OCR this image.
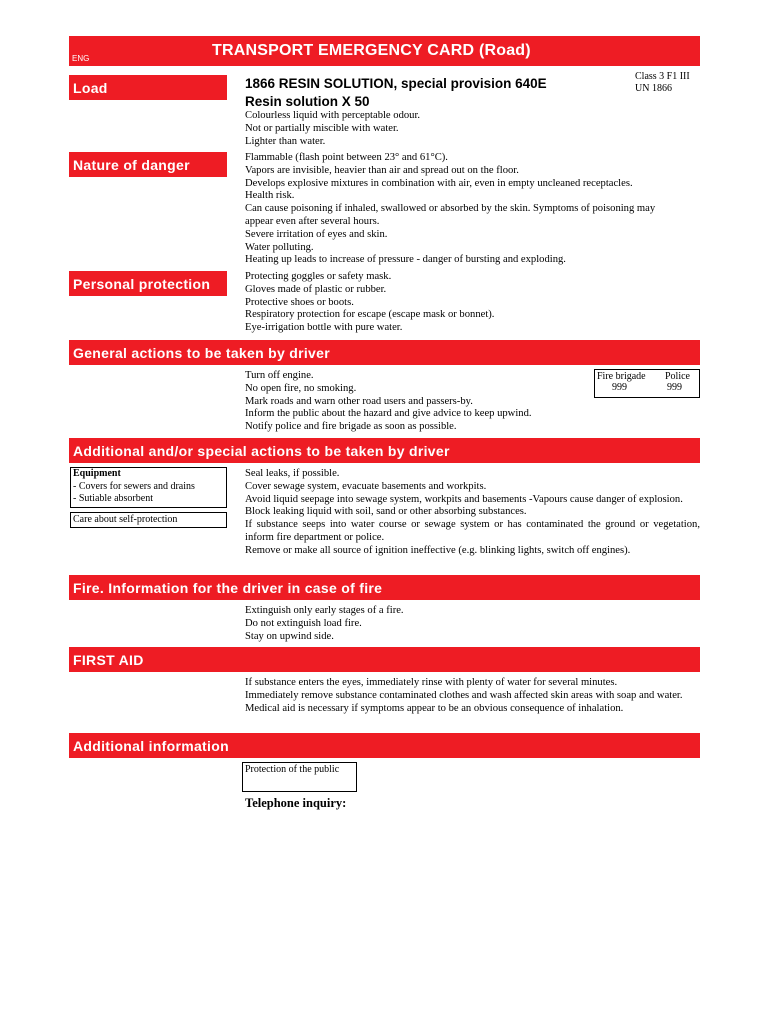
ENG	TRANSPORT EMERGENCY CARD (Road)
Load	1866 RESIN SOLUTION, special provision 640E
Resin solution X 50
Class 3 F1 III
UN 1866
Colourless liquid with perceptable odour.
Not or partially miscible with water.
Lighter than water.
Nature of danger	Flammable (flash point between 23° and 61°C).
Vapors are invisible, heavier than air and spread out on the floor.
Develops explosive mixtures in combination with air, even in empty uncleaned receptacles.
Health risk.
Can cause poisoning if inhaled, swallowed or absorbed by the skin. Symptoms of poisoning may
appear even after several hours.
Severe irritation of eyes and skin.
Water polluting.
Heating up leads to increase of pressure - danger of bursting and exploding.
Personal protection	Protecting goggles or safety mask.
Gloves made of plastic or rubber.
Protective shoes or boots.
Respiratory protection for escape (escape mask or bonnet).
Eye-irrigation bottle with pure water.
General actions to be taken by driver
Turn off engine.
No open fire, no smoking.
Mark roads and warn other road users and passers-by.
Inform the public about the hazard and give advice to keep upwind.
Notify police and fire brigade as soon as possible.
Fire brigade
999
Police
999
Additional and/or special actions to be taken by driver
Equipment
- Covers for sewers and drains
- Sutiable absorbent
Care about self-protection
Seal leaks, if possible.
Cover sewage system, evacuate basements and workpits.
Avoid liquid seepage into sewage system, workpits and basements -Vapours cause danger of explosion.
Block leaking liquid with soil, sand or other absorbing substances.
If substance seeps into water course or sewage system or has contaminated the ground or vegetation, inform fire department or police.
Remove or make all source of ignition ineffective (e.g. blinking lights, switch off engines).
Fire. Information for the driver in case of fire
Extinguish only early stages of a fire.
Do not extinguish load fire.
Stay on upwind side.
FIRST AID
If substance enters the eyes, immediately rinse with plenty of water for several minutes.
Immediately remove substance contaminated clothes and wash affected skin areas with soap and water.
Medical aid is necessary if symptoms appear to be an obvious consequence of inhalation.
Additional information
Protection of the public
Telephone inquiry:
